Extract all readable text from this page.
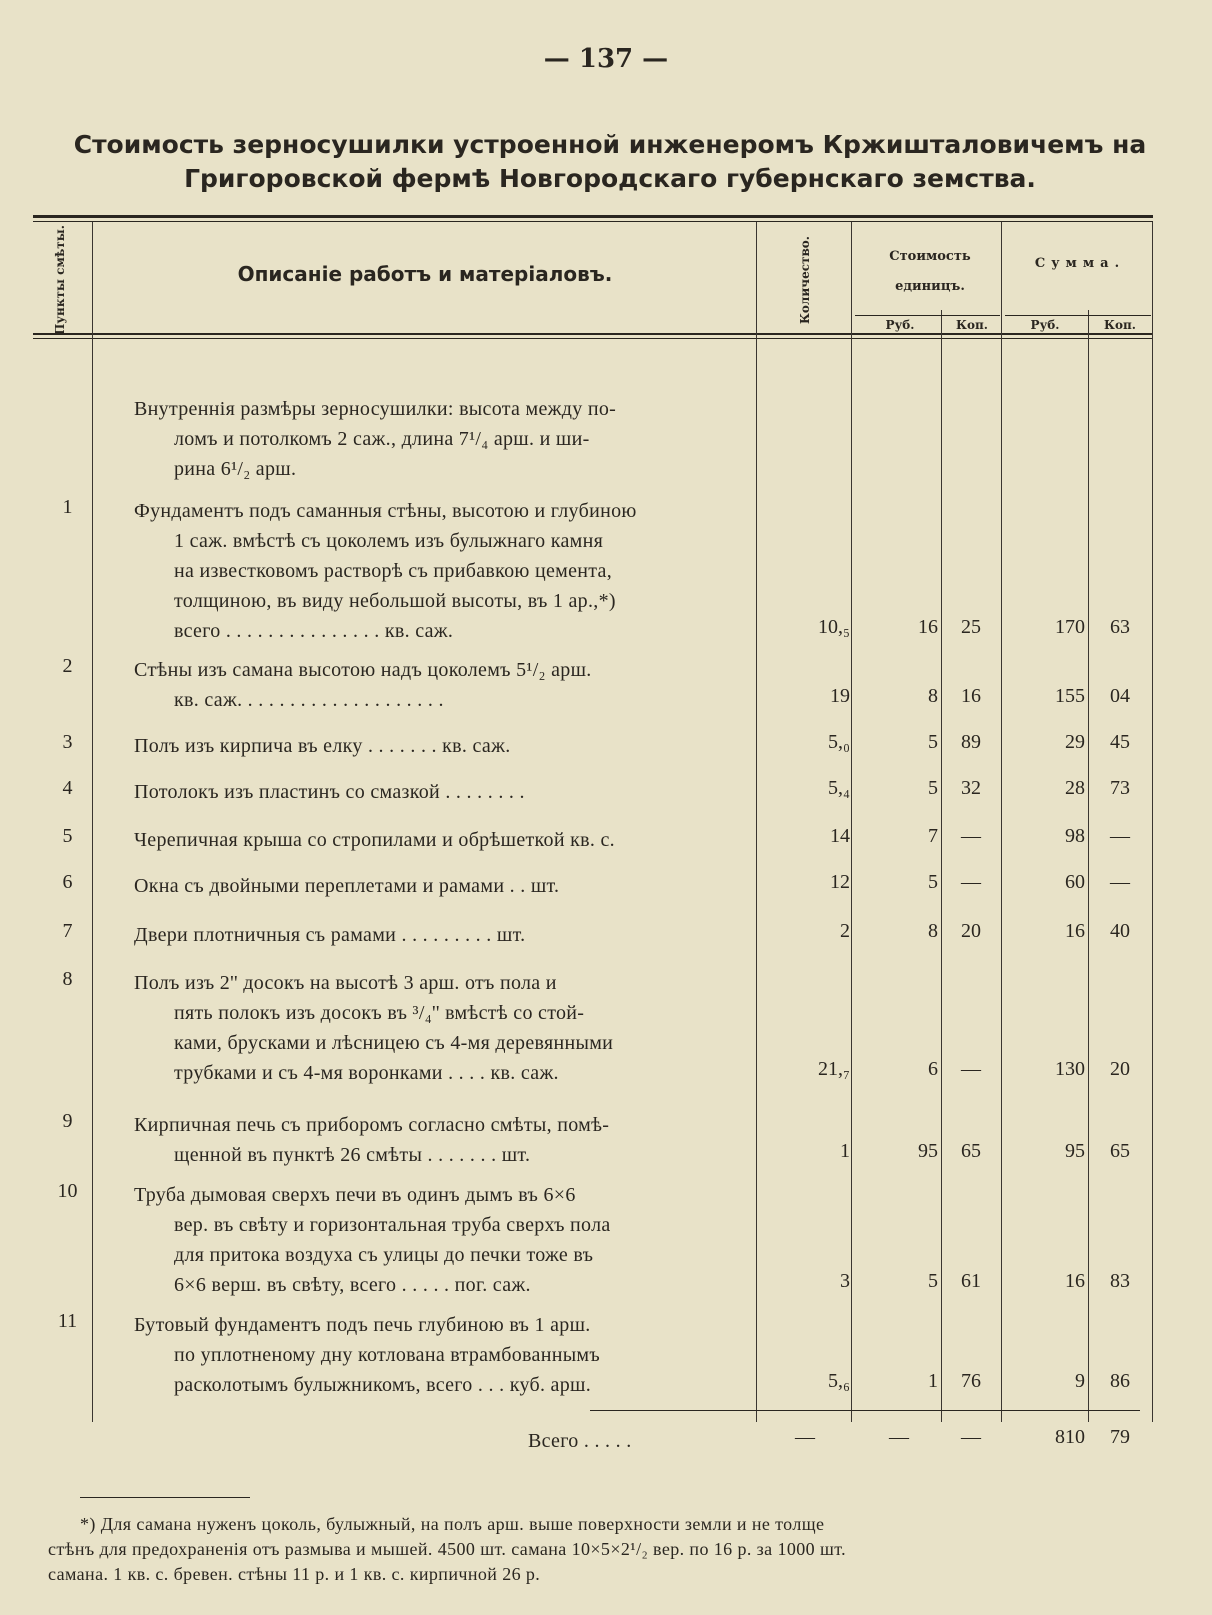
— 137 —
Стоимость зерносушилки устроенной инженеромъ Кржишталовичемъ на
Григоровской фермѣ Новгородскаго губернскаго земства.
Пункты смѣты.	Описаніе работъ и матеріаловъ.	Количество.	Стоимость
единицъ.
Сумма.
Руб.	Коп.	Руб.	Коп.
Внутреннія размѣры зерносушилки: высота между по-
ломъ и потолкомъ 2 саж., длина 7¹/₄ арш. и ши-
рина 6¹/₂ арш.
1	Фундаментъ подъ саманныя стѣны, высотою и глубиною
1 саж. вмѣстѣ съ цоколемъ изъ булыжнаго камня
на известковомъ растворѣ съ прибавкою цемента,
толщиною, въ виду небольшой высоты, въ 1 ар.,*)
всего . . . . . . . . . . . . . . . кв. саж.	10,₅	16	25	170	63
2	Стѣны изъ самана высотою надъ цоколемъ 5¹/₂ арш.
кв. саж. . . . . . . . . . . . . . . . . . . .	19	8	16	155	04
3	Полъ изъ кирпича въ елку . . . . . . . кв. саж.	5,₀	5	89	29	45
4	Потолокъ изъ пластинъ со смазкой . . . . . . . .	5,₄	5	32	28	73
5	Черепичная крыша со стропилами и обрѣшеткой кв. с.	14	7	—	98	—
6	Окна съ двойными переплетами и рамами . . шт.	12	5	—	60	—
7	Двери плотничныя съ рамами . . . . . . . . . шт.	2	8	20	16	40
8	Полъ изъ 2'' досокъ на высотѣ 3 арш. отъ пола и
пять полокъ изъ досокъ въ ³/₄'' вмѣстѣ со стой-
ками, брусками и лѣсницею съ 4-мя деревянными
трубками и съ 4-мя воронками . . . . кв. саж.	21,₇	6	—	130	20
9	Кирпичная печь съ приборомъ согласно смѣты, помѣ-
щенной въ пунктѣ 26 смѣты . . . . . . . шт.	1	95	65	95	65
10	Труба дымовая сверхъ печи въ одинъ дымъ въ 6×6
вер. въ свѣту и горизонтальная труба сверхъ пола
для притока воздуха съ улицы до печки тоже въ
6×6 верш. въ свѣту, всего . . . . . пог. саж.	3	5	61	16	83
11	Бутовый фундаментъ подъ печь глубиною въ 1 арш.
по уплотненому дну котлована втрамбованнымъ
расколотымъ булыжникомъ, всего . . . куб. арш.	5,₆	1	76	9	86
Всего . . . . .	—	—	—	810	79
*) Для самана нуженъ цоколь, булыжный, на полъ арш. выше поверхности земли и не толще
стѣнъ для предохраненія отъ размыва и мышей. 4500 шт. самана 10×5×2¹/₂ вер. по 16 р. за 1000 шт.
самана. 1 кв. с. бревен. стѣны 11 р. и 1 кв. с. кирпичной 26 р.
